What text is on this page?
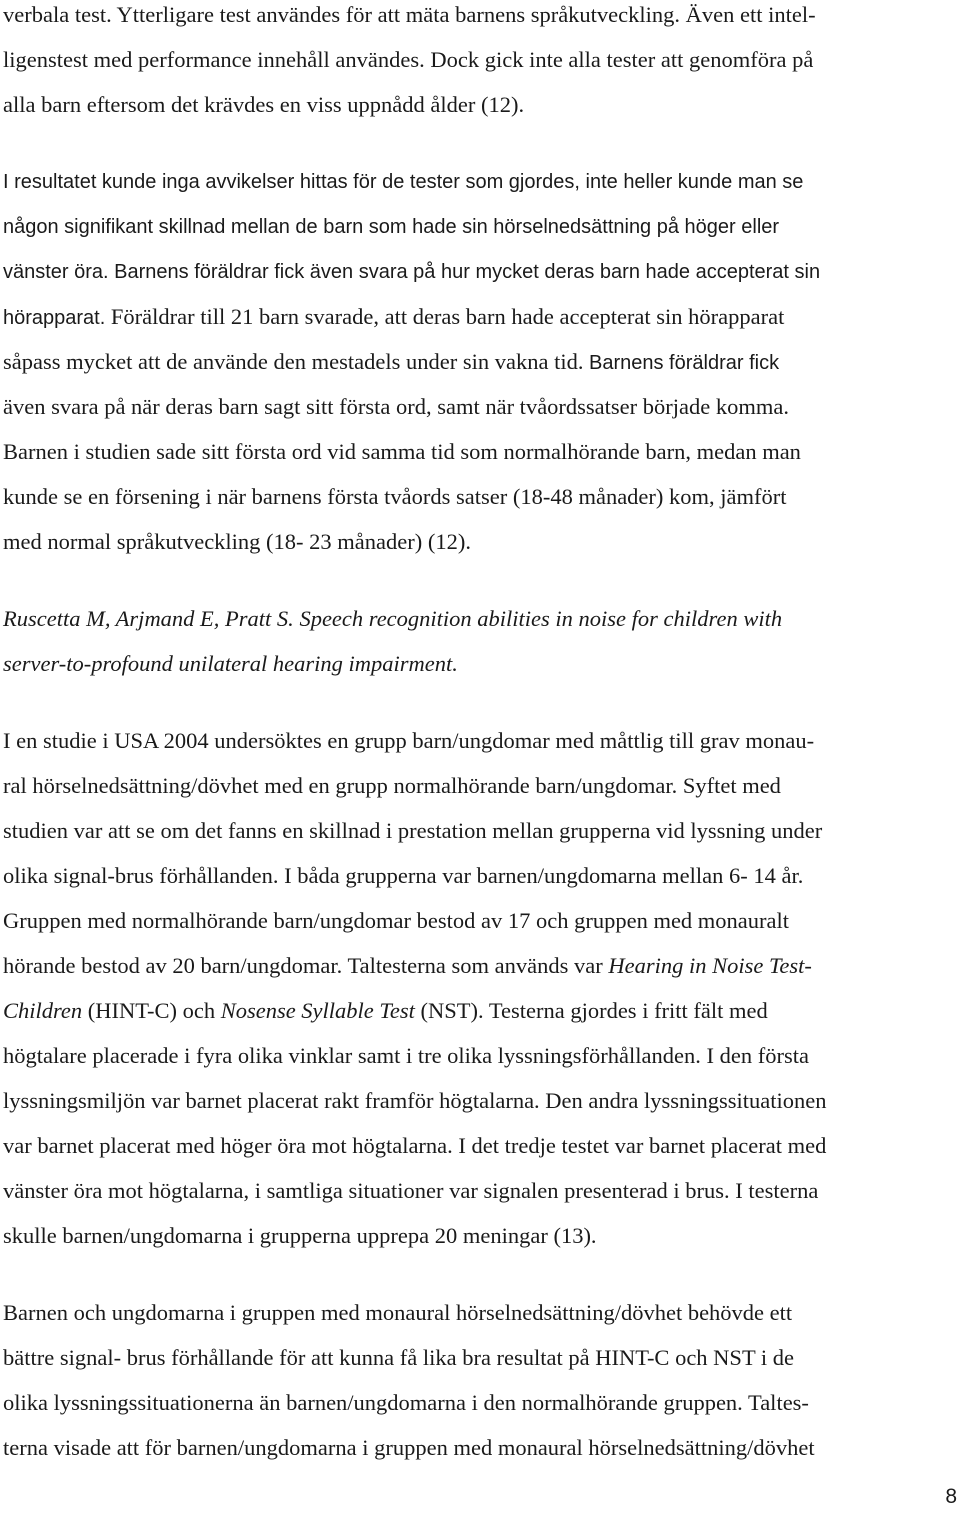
verbala test. Ytterligare test användes för att mäta barnens språkutveckling. Även ett intel-
ligenstest med performance innehåll användes. Dock gick inte alla tester att genomföra på
alla barn eftersom det krävdes en viss uppnådd ålder (12).
I resultatet kunde inga avvikelser hittas för de tester som gjordes, inte heller kunde man se
någon signifikant skillnad mellan de barn som hade sin hörselnedsättning på höger eller
vänster öra. Barnens föräldrar fick även svara på hur mycket deras barn hade accepterat sin
hörapparat. Föräldrar till 21 barn svarade, att deras barn hade accepterat sin hörapparat
såpass mycket att de använde den mestadels under sin vakna tid. Barnens föräldrar fick
även svara på när deras barn sagt sitt första ord, samt när tvåordssatser började komma.
Barnen i studien sade sitt första ord vid samma tid som normalhörande barn, medan man
kunde se en försening i när barnens första tvåords satser (18-48 månader) kom, jämfört
med normal språkutveckling (18- 23 månader) (12).
Ruscetta M, Arjmand E, Pratt S. Speech recognition abilities in noise for children with
server-to-profound unilateral hearing impairment.
I en studie i USA 2004 undersöktes en grupp barn/ungdomar med måttlig till grav monau-
ral hörselnedsättning/dövhet med en grupp normalhörande barn/ungdomar. Syftet med
studien var att se om det fanns en skillnad i prestation mellan grupperna vid lyssning under
olika signal-brus förhållanden. I båda grupperna var barnen/ungdomarna mellan 6- 14 år.
Gruppen med normalhörande barn/ungdomar bestod av 17 och gruppen med monauralt
hörande bestod av 20 barn/ungdomar. Taltesterna som används var Hearing in Noise Test-
Children (HINT-C) och Nosense Syllable Test (NST). Testerna gjordes i fritt fält med
högtalare placerade i fyra olika vinklar samt i tre olika lyssningsförhållanden. I den första
lyssningsmiljön var barnet placerat rakt framför högtalarna. Den andra lyssningssituationen
var barnet placerat med höger öra mot högtalarna. I det tredje testet var barnet placerat med
vänster öra mot högtalarna, i samtliga situationer var signalen presenterad i brus. I testerna
skulle barnen/ungdomarna i grupperna upprepa 20 meningar (13).
Barnen och ungdomarna i gruppen med monaural hörselnedsättning/dövhet behövde ett
bättre signal- brus förhållande för att kunna få lika bra resultat på HINT-C och NST i de
olika lyssningssituationerna än barnen/ungdomarna i den normalhörande gruppen. Taltes-
terna visade att för barnen/ungdomarna i gruppen med monaural hörselnedsättning/dövhet
8
